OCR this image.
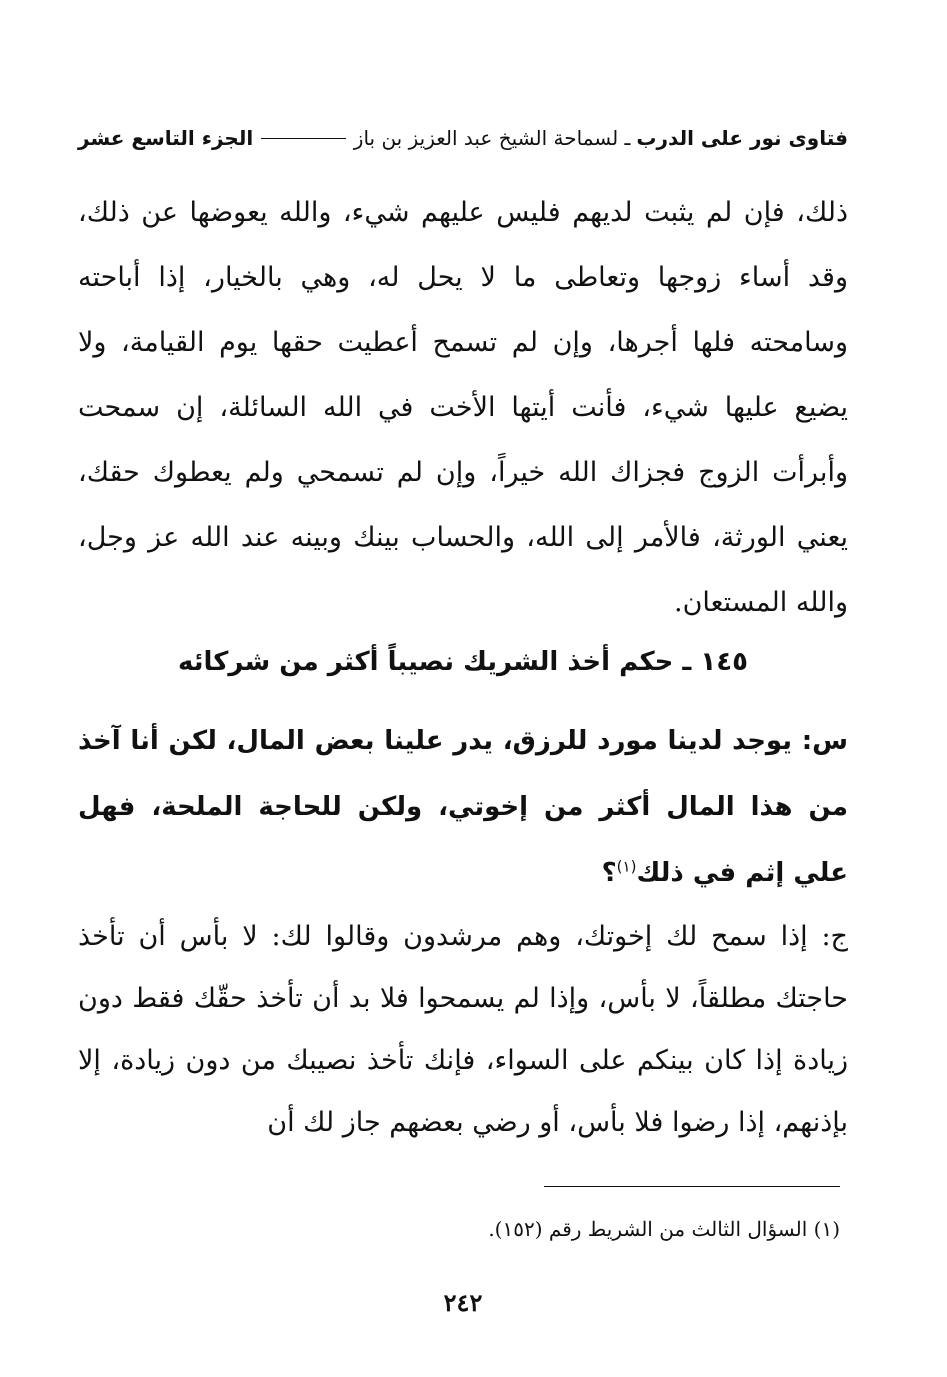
فتاوى نور على الدرب
ـ لسماحة الشيخ عبد العزيز بن باز
الجزء التاسع عشر

ذلك، فإن لم يثبت لديهم فليس عليهم شيء، والله يعوضها عن ذلك، وقد أساء زوجها وتعاطى ما لا يحل له، وهي بالخيار، إذا أباحته وسامحته فلها أجرها، وإن لم تسمح أعطيت حقها يوم القيامة، ولا يضيع عليها شيء، فأنت أيتها الأخت في الله السائلة، إن سمحت وأبرأت الزوج فجزاك الله خيراً، وإن لم تسمحي ولم يعطوك حقك، يعني الورثة، فالأمر إلى الله، والحساب بينك وبينه عند الله عز وجل، والله المستعان.

١٤٥ ـ حكم أخذ الشريك نصيباً أكثر من شركائه

س: يوجد لدينا مورد للرزق، يدر علينا بعض المال، لكن أنا آخذ من هذا المال أكثر من إخوتي، ولكن للحاجة الملحة، فهل علي إثم في ذلك$^{(١)}$؟

ج: إذا سمح لك إخوتك، وهم مرشدون وقالوا لك: لا بأس أن تأخذ حاجتك مطلقاً، لا بأس، وإذا لم يسمحوا فلا بد أن تأخذ حقّك فقط دون زيادة إذا كان بينكم على السواء، فإنك تأخذ نصيبك من دون زيادة، إلا بإذنهم، إذا رضوا فلا بأس، أو رضي بعضهم جاز لك أن

(١) السؤال الثالث من الشريط رقم (١٥٢).

٢٤٢
